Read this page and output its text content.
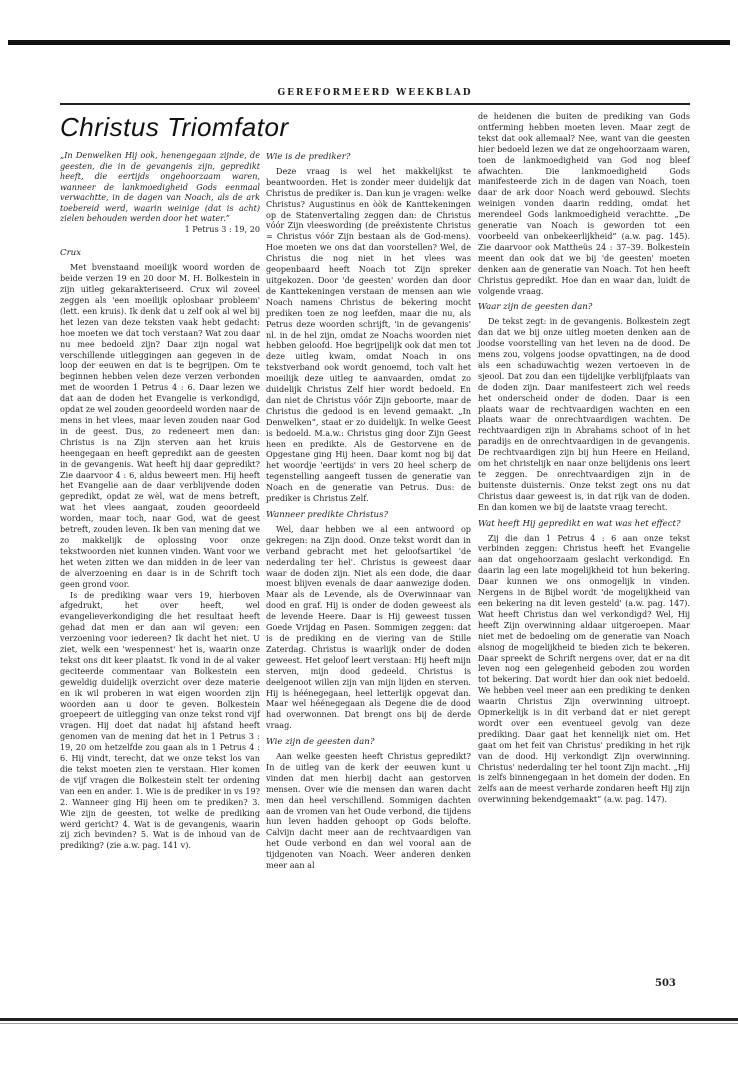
GEREFORMEERD WEEKBLAD
Christus Triomfator
„In Denwelken Hij ook, henengegaan zijnde, de geesten, die in de gevangenis zijn, gepredikt heeft, die eertijds ongehoorzaam waren, wanneer de lankmoedigheid Gods eenmaal verwachtte, in de dagen van Noach, als de ark toebereid werd, waarin weinige (dat is acht) zielen behouden werden door het water.”
1 Petrus 3 : 19, 20
Crux

Met bvenstaand moeilijk woord worden de beide verzen 19 en 20 door M. H. Bolkestein in zijn uitleg gekarakteriseerd. Crux wil zoveel zeggen als 'een moeilijk oplosbaar probleem' (lett. een kruis). Ik denk dat u zelf ook al wel bij het lezen van deze teksten vaak hebt gedacht: hoe moeten we dat toch verstaan? Wat zou daar nu mee bedoeld zijn? Daar zijn nogal wat verschillende uitleggingen aan gegeven in de loop der eeuwen en dat is te begrijpen. Om te beginnen hebben velen deze verzen verbonden met de woorden 1 Petrus 4 : 6. Daar lezen we dat aan de doden het Evangelie is verkondigd, opdat ze wel zouden geoordeeld worden naar de mens in het vlees, maar leven zouden naar God in de geest. Dus, zo redeneert men dan: Christus is na Zijn sterven aan het kruis heengegaan en heeft gepredikt aan de geesten in de gevangenis. Wat heeft hij daar gepredikt? Zie daarvoor 4 : 6, aldus beweert men. Hij heeft het Evangelie aan de daar verblijvende doden gepredikt, opdat ze wèl, wat de mens betreft, wat het vlees aangaat, zouden geoordeeld worden, maar toch, naar God, wat de geest betreft, zouden leven. Ik ben van mening dat we zo makkelijk de oplossing voor onze tekstwoorden niet kunnen vinden. Want voor we het weten zitten we dan midden in de leer van de alverzoening en daar is in de Schrift toch geen grond voor.

Is de prediking waar vers 19, hierboven afgedrukt, het over heeft, wel evangelieverkondiging die het resultaat heeft gehad dat men er dan aan wil geven: een verzoening voor iedereen? Ik dacht het niet. U ziet, welk een 'wespennest' het is, waarin onze tekst ons dit keer plaatst. Ik vond in de al vaker geciteerde commentaar van Bolkestein een geweldig duidelijk overzicht over deze materie en ik wil proberen in wat eigen woorden zijn woorden aan u door te geven. Bolkestein groepeert de uitlegging van onze tekst rond vijf vragen. Hij doet dat nadat hij afstand heeft genomen van de mening dat het in 1 Petrus 3 : 19, 20 om hetzelfde zou gaan als in 1 Petrus 4 : 6. Hij vindt, terecht, dat we onze tekst los van die tekst moeten zien te verstaan. Hier komen de vijf vragen die Bolkestein stelt ter ordening van een en ander. 1. Wie is de prediker in vs 19? 2. Wanneer ging Hij heen om te prediken? 3. Wie zijn de geesten, tot welke de prediking werd gericht? 4. Wat is de gevangenis, waarin zij zich bevinden? 5. Wat is de inhoud van de prediking? (zie a.w. pag. 141 v).

Wie is de prediker?

Deze vraag is wel het makkelijkst te beantwoorden. Het is zonder meer duidelijk dat Christus de prediker is. Dan kun je vragen: welke Christus? Augustinus en òòk de Kanttekeningen op de Statenvertaling zeggen dan: de Christus vóór Zijn vleeswording (de preëxistente Christus = Christus vóór Zijn bestaan als de God-mens). Hoe moeten we ons dat dan voorstellen? Wel, de Christus die nog niet in het vlees was geopenbaard heeft Noach tot Zijn spreker uitgekozen. Door 'de geesten' worden dan door de Kanttekeningen verstaan de mensen aan wie Noach namens Christus de bekering mocht prediken toen ze nog leefden, maar die nu, als Petrus deze woorden schrijft, 'in de gevangenis' nl. in de hel zijn, omdat ze Noachs woorden niet hebben geloofd. Hoe begrijpelijk ook dat men tot deze uitleg kwam, omdat Noach in ons tekstverband ook wordt genoemd, toch valt het moeilijk deze uitleg te aanvaarden, omdat zo duidelijk Christus Zelf hier wordt bedoeld. En dan niet de Christus vóór Zijn geboorte, maar de Christus die gedood is en levend gemaakt. „In Denwelken”, staat er zo duidelijk. In welke Geest is bedoeld. M.a.w.: Christus ging door Zijn Geest heen en predikte. Als de Gestorvene en de Opgestane ging Hij heen. Daar komt nog bij dat het woordje 'eertijds' in vers 20 heel scherp de tegenstelling aangeeft tussen de generatie van Noach en de generatie van Petrus. Dus: de prediker is Christus Zelf.

Wanneer predikte Christus?

Wel, daar hebben we al een antwoord op gekregen: na Zijn dood. Onze tekst wordt dan in verband gebracht met het geloofsartikel 'de nederdaling ter hel'. Christus is geweest daar waar de doden zijn. Niet als een dode, die daar moest blijven evenals de daar aanwezige doden. Maar als de Levende, als de Overwinnaar van dood en graf. Hij is onder de doden geweest als de levende Heere. Daar is Hij geweest tussen Goede Vrijdag en Pasen. Sommigen zeggen: dat is de prediking en de viering van de Stille Zaterdag. Christus is waarlijk onder de doden geweest. Het geloof leert verstaan: Hij heeft mijn sterven, mijn dood gedeeld. Christus is deelgenoot willen zijn van mijn lijden en sterven. Hij is héénegegaan, heel letterlijk opgevat dan. Maar wel héénegegaan als Degene die de dood had overwonnen. Dat brengt ons bij de derde vraag.

Wie zijn de geesten dan?

Aan welke geesten heeft Christus gepredikt? In de uitleg van de kerk der eeuwen kunt u vinden dat men hierbij dacht aan gestorven mensen. Over wie die mensen dan waren dacht men dan heel verschillend. Sommigen dachten aan de vromen van het Oude verbond, die tijdens hun leven hadden gehoopt op Gods belofte. Calvijn dacht meer aan de rechtvaardigen van het Oude verbond en dan wel vooral aan de tijdgenoten van Noach. Weer anderen denken meer aan al

de heidenen die buiten de prediking van Gods ontferming hebben moeten leven. Maar zegt de tekst dat ook allemaal? Nee, want van die geesten hier bedoeld lezen we dat ze ongehoorzaam waren, toen de lankmoedigheid van God nog bleef afwachten. Die lankmoedigheid Gods manifesteerde zich in de dagen van Noach, toen daar de ark door Noach werd gebouwd. Slechts weinigen vonden daarin redding, omdat het merendeel Gods lankmoedigheid verachtte. „De generatie van Noach is geworden tot een voorbeeld van onbekeerlijkheid” (a.w. pag. 145). Zie daarvoor ook Mattheüs 24 : 37–39. Bolkestein meent dan ook dat we bij 'de geesten' moeten denken aan de generatie van Noach. Tot hen heeft Christus gepredikt. Hoe dan en waar dan, luidt de volgende vraag.

Waar zijn de geesten dan?

De tekst zegt: in de gevangenis. Bolkestein zegt dan dat we bij onze uitleg moeten denken aan de joodse voorstelling van het leven na de dood. De mens zou, volgens joodse opvattingen, na de dood als een schaduwachtig wezen vertoeven in de sjeool. Dat zou dan een tijdelijke verblijfplaats van de doden zijn. Daar manifesteert zich wel reeds het onderscheid onder de doden. Daar is een plaats waar de rechtvaardigen wachten en een plaats waar de onrechtvaardigen wachten. De rechtvaardigen zijn in Abrahams schoot of in het paradijs en de onrechtvaardigen in de gevangenis. De rechtvaardigen zijn bij hun Heere en Heiland, om het christelijk en naar onze belijdenis ons leert te zeggen. De onrechtvaardigen zijn in de buitenste duisternis. Onze tekst zegt ons nu dat Christus daar geweest is, in dat rijk van de doden. En dan komen we bij de laatste vraag terecht.

Wat heeft Hij gepredikt en wat was het effect?

Zij die dan 1 Petrus 4 : 6 aan onze tekst verbinden zeggen: Christus heeft het Evangelie aan dat ongehoorzaam geslacht verkondigd. En daarin lag een late mogelijkheid tot hun bekering. Daar kunnen we ons onmogelijk in vinden. Nergens in de Bijbel wordt 'de mogelijkheid van een bekering na dit leven gesteld' (a.w. pag. 147). Wat heeft Christus dan wel verkondigd? Wel, Hij heeft Zijn overwinning aldaar uitgeroepen. Maar niet met de bedoeling om de generatie van Noach alsnog de mogelijkheid te bieden zich te bekeren. Daar spreekt de Schrift nergens over, dat er na dit leven nog een gelegenheid geboden zou worden tot bekering. Dat wordt hier dan ook niet bedoeld. We hebben veel meer aan een prediking te denken waarin Christus Zijn overwinning uitroept. Opmerkelijk is in dit verband dat er niet gerept wordt over een eventueel gevolg van deze prediking. Daar gaat het kennelijk niet om. Het gaat om het feit van Christus' prediking in het rijk van de dood. Hij verkondigt Zijn overwinning. Christus' nederdaling ter hel toont Zijn macht. „Hij is zelfs binnengegaan in het domein der doden. En zelfs aan de meest verharde zondaren heeft Hij zijn overwinning bekendgemaakt” (a.w. pag. 147).

503
